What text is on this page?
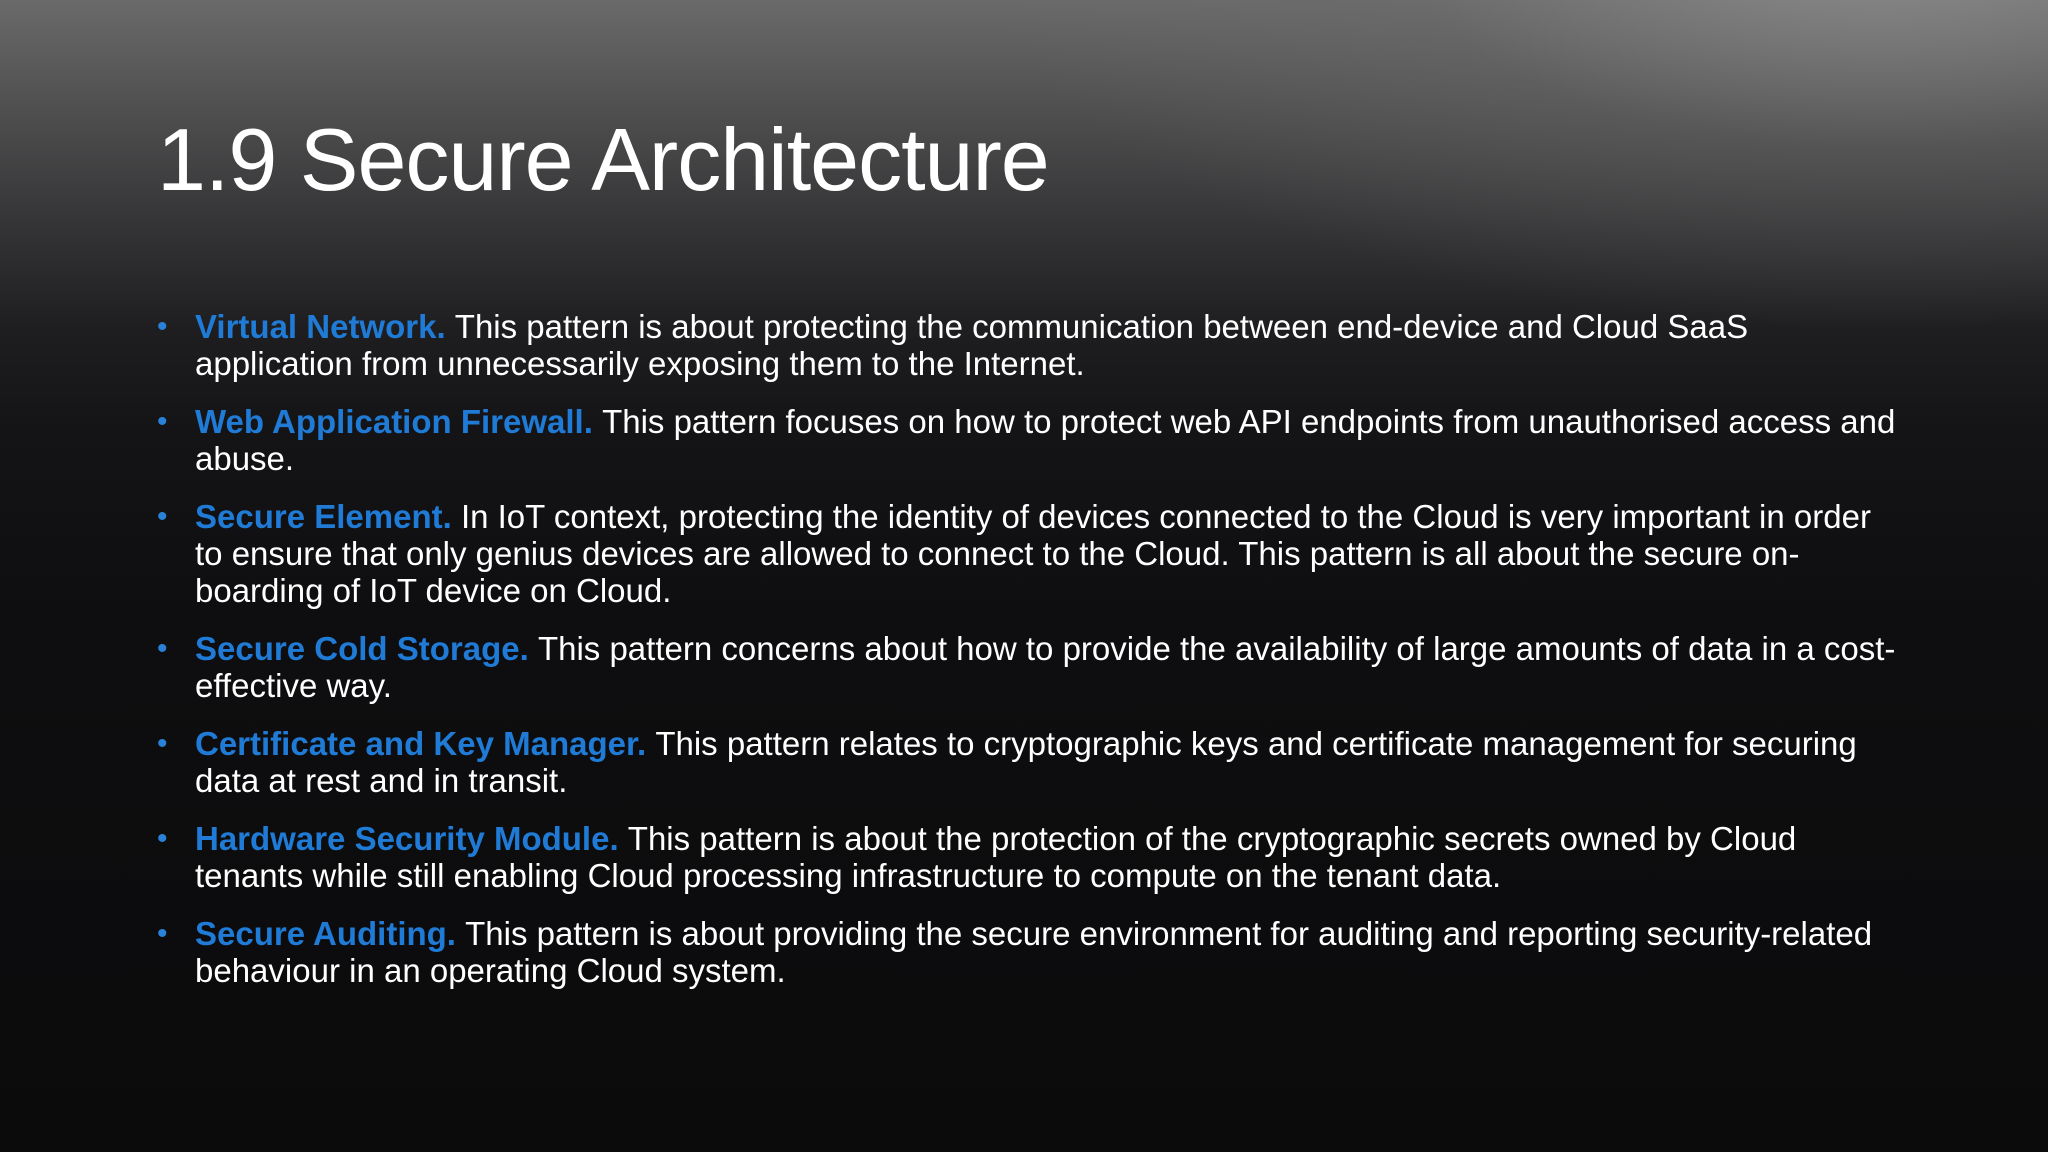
1.9 Secure Architecture
• Virtual Network. This pattern is about protecting the communication between end-device and Cloud SaaS application from unnecessarily exposing them to the Internet.
• Web Application Firewall. This pattern focuses on how to protect web API endpoints from unauthorised access and abuse.
• Secure Element. In IoT context, protecting the identity of devices connected to the Cloud is very important in order to ensure that only genius devices are allowed to connect to the Cloud. This pattern is all about the secure on-boarding of IoT device on Cloud.
• Secure Cold Storage. This pattern concerns about how to provide the availability of large amounts of data in a cost-effective way.
• Certificate and Key Manager. This pattern relates to cryptographic keys and certificate management for securing data at rest and in transit.
• Hardware Security Module. This pattern is about the protection of the cryptographic secrets owned by Cloud tenants while still enabling Cloud processing infrastructure to compute on the tenant data.
• Secure Auditing. This pattern is about providing the secure environment for auditing and reporting security-related behaviour in an operating Cloud system.
